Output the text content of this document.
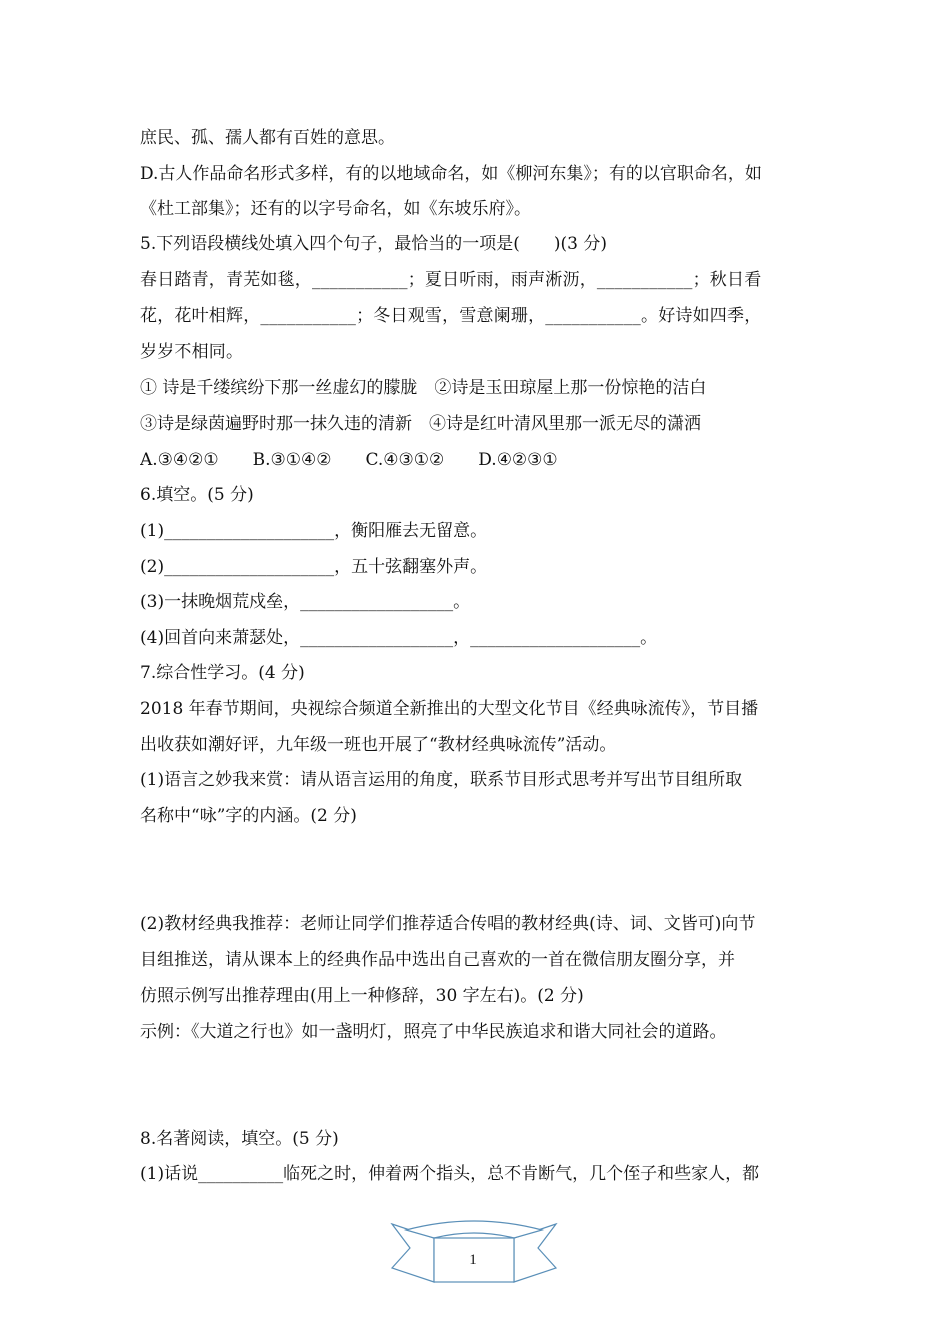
庶民、孤、孺人都有百姓的意思。
D.古人作品命名形式多样，有的以地域命名，如《柳河东集》；有的以官职命名，如
《杜工部集》；还有的以字号命名，如《东坡乐府》。
5.下列语段横线处填入四个句子，最恰当的一项是(　　)(3 分)
春日踏青，青芜如毯，___________；夏日听雨，雨声淅沥，___________；秋日看
花，花叶相辉，___________；冬日观雪，雪意阑珊，___________。好诗如四季，
岁岁不相同。
① 诗是千缕缤纷下那一丝虚幻的朦胧　②诗是玉田琼屋上那一份惊艳的洁白
③诗是绿茵遍野时那一抹久违的清新　④诗是红叶清风里那一派无尽的潇洒
A.③④②①　　B.③①④②　　C.④③①②　　D.④②③①
6.填空。(5 分)
(1)____________________，衡阳雁去无留意。
(2)____________________，五十弦翻塞外声。
(3)一抹晚烟荒戍垒，__________________。
(4)回首向来萧瑟处，__________________，____________________。
7.综合性学习。(4 分)
2018 年春节期间，央视综合频道全新推出的大型文化节目《经典咏流传》，节目播
出收获如潮好评，九年级一班也开展了“教材经典咏流传”活动。
(1)语言之妙我来赏：请从语言运用的角度，联系节目形式思考并写出节目组所取
名称中“咏”字的内涵。(2 分)
(2)教材经典我推荐：老师让同学们推荐适合传唱的教材经典(诗、词、文皆可)向节
目组推送，请从课本上的经典作品中选出自己喜欢的一首在微信朋友圈分享，并
仿照示例写出推荐理由(用上一种修辞，30 字左右)。(2 分)
示例：《大道之行也》如一盏明灯，照亮了中华民族追求和谐大同社会的道路。
8.名著阅读，填空。(5 分)
(1)话说__________临死之时，伸着两个指头，总不肯断气，几个侄子和些家人，都
1
